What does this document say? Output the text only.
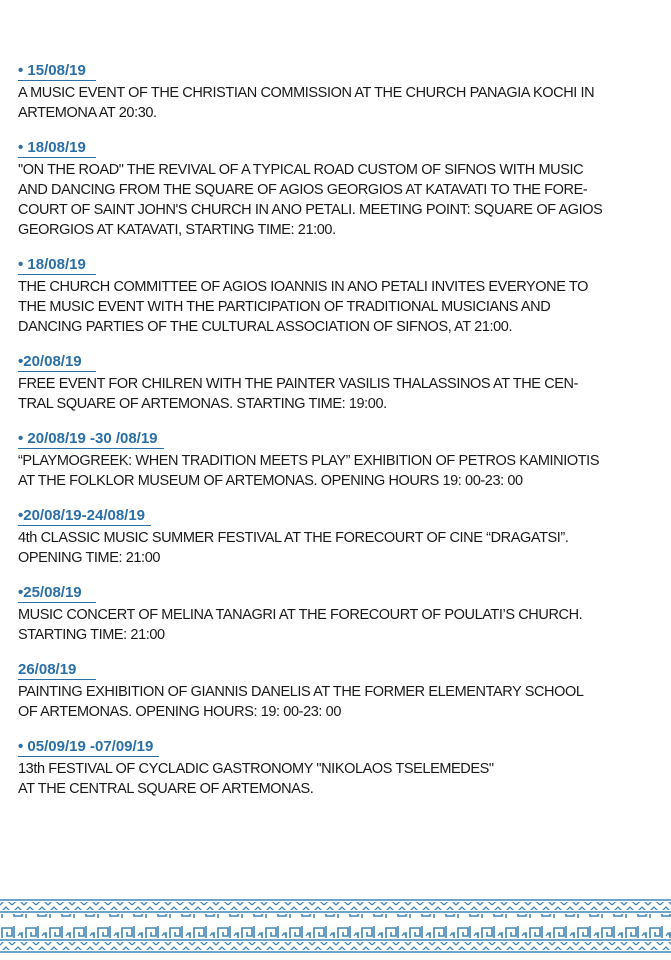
• 15/08/19
A MUSIC EVENT OF THE CHRISTIAN COMMISSION AT THE CHURCH PANAGIA KOCHI IN
ARTEMONA AT 20:30.
• 18/08/19
"ON THE ROAD" THE REVIVAL OF A TYPICAL ROAD CUSTOM OF SIFNOS WITH MUSIC
AND DANCING FROM THE SQUARE OF AGIOS GEORGIOS AT KATAVATI TO THE FORE-
COURT OF SAINT JOHN'S CHURCH IN ANO PETALI. MEETING POINT: SQUARE OF AGIOS
GEORGIOS AT KATAVATI, STARTING TIME: 21:00.
• 18/08/19
THE CHURCH COMMITTEE OF AGIOS IOANNIS IN ANO PETALI INVITES EVERYONE TO
THE MUSIC EVENT WITH THE PARTICIPATION OF TRADITIONAL MUSICIANS AND
DANCING PARTIES OF THE CULTURAL ASSOCIATION OF SIFNOS, AT 21:00.
•20/08/19
FREE EVENT FOR CHILREN WITH THE PAINTER VASILIS THALASSINOS AT THE CEN-
TRAL SQUARE OF ARTEMONAS. STARTING TIME: 19:00.
• 20/08/19 -30 /08/19
“PLAYMOGREEK: WHEN TRADITION MEETS PLAY” EXHIBITION OF PETROS KAMINIOTIS
AT THE FOLKLOR MUSEUM OF ARTEMONAS. OPENING HOURS 19: 00-23: 00
•20/08/19-24/08/19
4th CLASSIC MUSIC SUMMER FESTIVAL AT THE FORECOURT OF CINE “DRAGATSI”.
OPENING TIME: 21:00
•25/08/19
MUSIC CONCERT OF MELINA TANAGRI AT THE FORECOURT OF POULATI’S CHURCH.
STARTING TIME: 21:00
26/08/19
PAINTING EXHIBITION OF GIANNIS DANELIS AT THE FORMER ELEMENTARY SCHOOL
OF ARTEMONAS. OPENING HOURS: 19: 00-23: 00
• 05/09/19 -07/09/19
13th FESTIVAL OF CYCLADIC GASTRONOMY "NIKOLAOS TSELEMEDES"
AT THE CENTRAL SQUARE OF ARTEMONAS.
